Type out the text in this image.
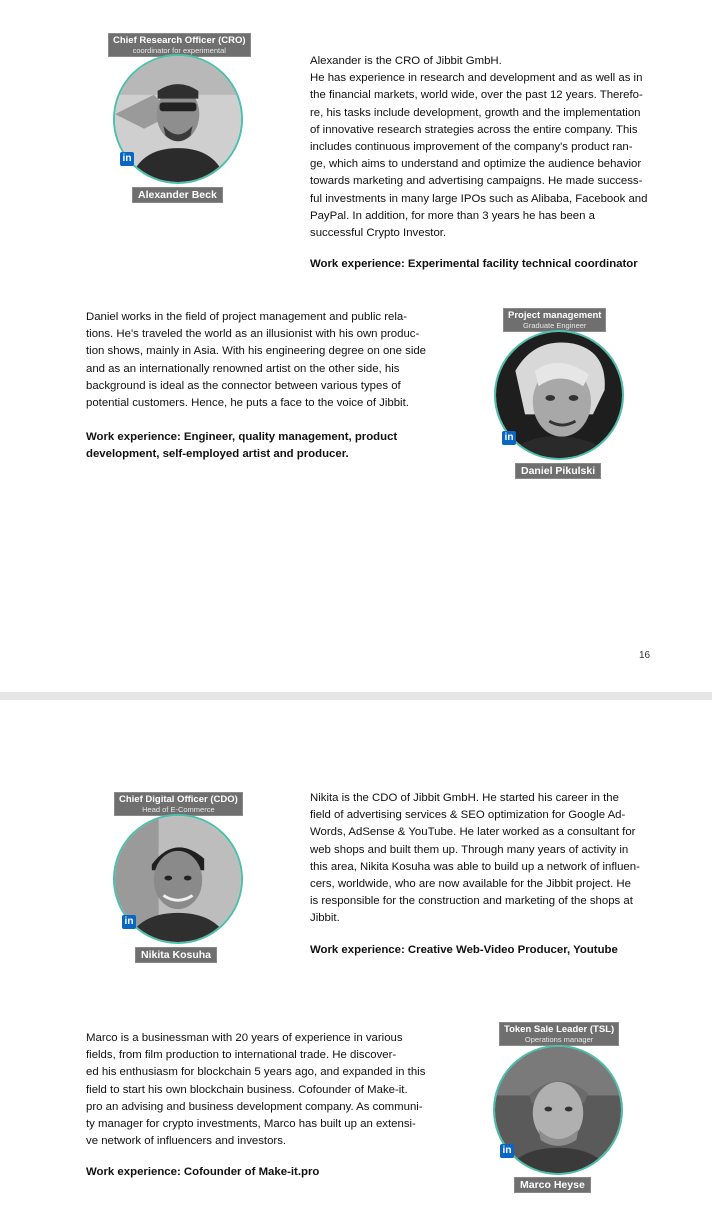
Chief Research Officer (CRO)
coordinator for experimental
in
Alexander Beck
Alexander is the CRO of Jibbit GmbH.
He has experience in research and development and as well as in
the financial markets, world wide, over the past 12 years. Therefo-
re, his tasks include development, growth and the implementation
of innovative research strategies across the entire company. This
includes continuous improvement of the company's product ran-
ge, which aims to understand and optimize the audience behavior
towards marketing and advertising campaigns. He made success-
ful investments in many large IPOs such as Alibaba, Facebook and
PayPal. In addition, for more than 3 years he has been a
successful Crypto Investor.
Work experience: Experimental facility technical coordinator
Daniel works in the field of project management and public rela-
tions. He's traveled the world as an illusionist with his own produc-
tion shows, mainly in Asia. With his engineering degree on one side
and as an internationally renowned artist on the other side, his
background is ideal as the connector between various types of
potential customers. Hence, he puts a face to the voice of Jibbit.
Work experience: Engineer, quality management, product
development, self-employed artist and producer.
Project management
Graduate Engineer
in
Daniel Pikulski
16
Chief Digital Officer (CDO)
Head of E-Commerce
in
Nikita Kosuha
Nikita is the CDO of Jibbit GmbH. He started his career in the
field of advertising services & SEO optimization for Google Ad-
Words, AdSense & YouTube. He later worked as a consultant for
web shops and built them up. Through many years of activity in
this area, Nikita Kosuha was able to build up a network of influen-
cers, worldwide, who are now available for the Jibbit project. He
is responsible for the construction and marketing of the shops at
Jibbit.
Work experience: Creative Web-Video Producer, Youtube
Marco is a businessman with 20 years of experience in various
fields, from film production to international trade. He discover-
ed his enthusiasm for blockchain 5 years ago, and expanded in this
field to start his own blockchain business. Cofounder of Make-it.
pro an advising and business development company. As communi-
ty manager for crypto investments, Marco has built up an extensi-
ve network of influencers and investors.
Work experience: Cofounder of Make-it.pro
Token Sale Leader (TSL)
Operations manager
in
Marco Heyse
